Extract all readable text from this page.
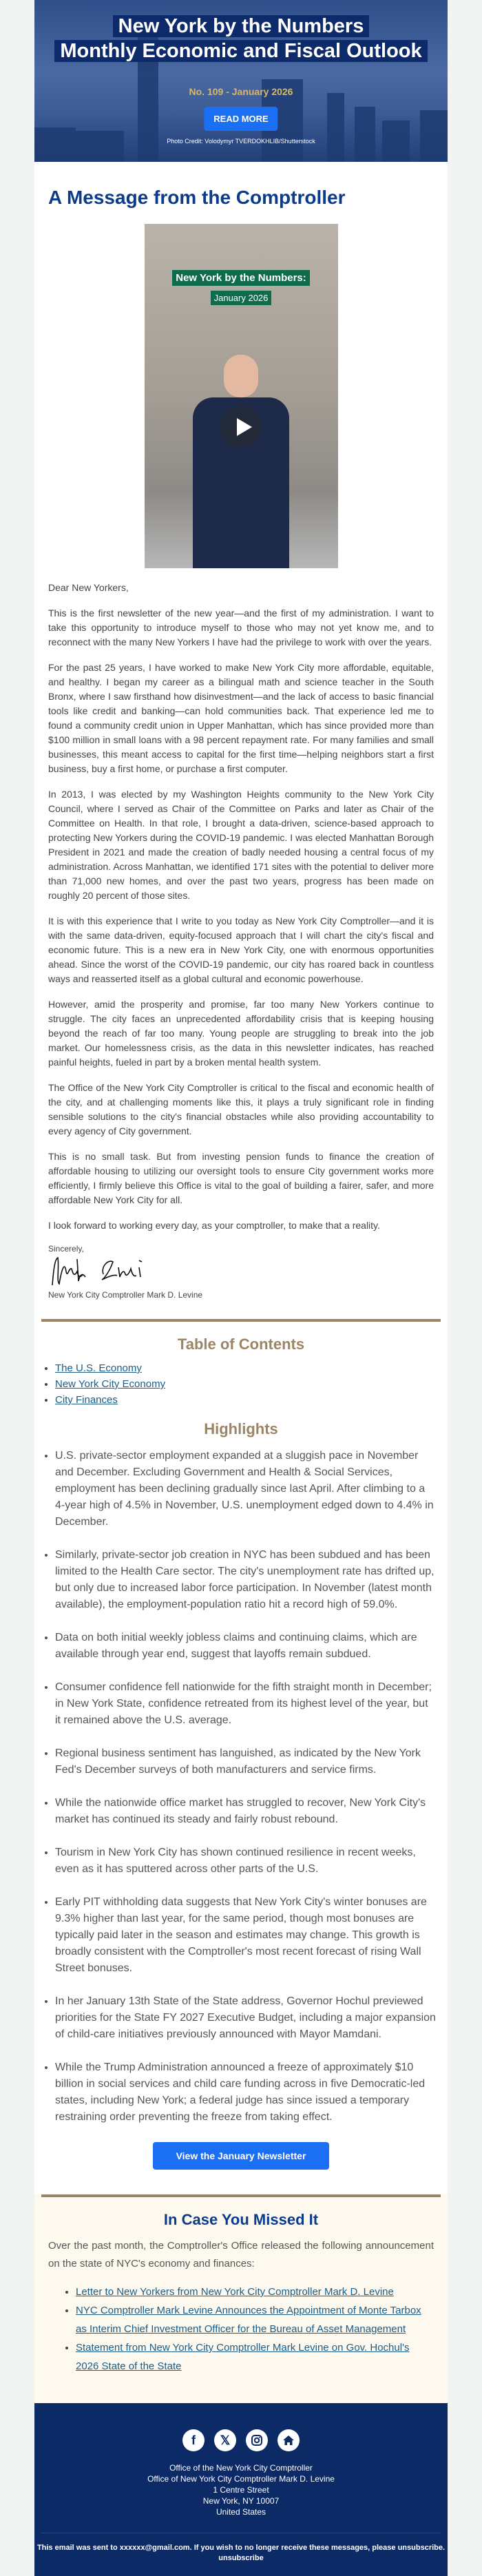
New York by the Numbers
Monthly Economic and Fiscal Outlook
No. 109 - January 2026
READ MORE
Photo Credit: Volodymyr TVERDOKHLIB/Shutterstock
A Message from the Comptroller
New York by the Numbers:
January 2026

Dear New Yorkers,

This is the first newsletter of the new year—and the first of my administration. I want to take this opportunity to introduce myself to those who may not yet know me, and to reconnect with the many New Yorkers I have had the privilege to work with over the years.

For the past 25 years, I have worked to make New York City more affordable, equitable, and healthy. I began my career as a bilingual math and science teacher in the South Bronx, where I saw firsthand how disinvestment—and the lack of access to basic financial tools like credit and banking—can hold communities back. That experience led me to found a community credit union in Upper Manhattan, which has since provided more than $100 million in small loans with a 98 percent repayment rate. For many families and small businesses, this meant access to capital for the first time—helping neighbors start a first business, buy a first home, or purchase a first computer.

In 2013, I was elected by my Washington Heights community to the New York City Council, where I served as Chair of the Committee on Parks and later as Chair of the Committee on Health. In that role, I brought a data-driven, science-based approach to protecting New Yorkers during the COVID-19 pandemic. I was elected Manhattan Borough President in 2021 and made the creation of badly needed housing a central focus of my administration. Across Manhattan, we identified 171 sites with the potential to deliver more than 71,000 new homes, and over the past two years, progress has been made on roughly 20 percent of those sites.

It is with this experience that I write to you today as New York City Comptroller—and it is with the same data-driven, equity-focused approach that I will chart the city's fiscal and economic future. This is a new era in New York City, one with enormous opportunities ahead. Since the worst of the COVID-19 pandemic, our city has roared back in countless ways and reasserted itself as a global cultural and economic powerhouse.

However, amid the prosperity and promise, far too many New Yorkers continue to struggle. The city faces an unprecedented affordability crisis that is keeping housing beyond the reach of far too many. Young people are struggling to break into the job market. Our homelessness crisis, as the data in this newsletter indicates, has reached painful heights, fueled in part by a broken mental health system.

The Office of the New York City Comptroller is critical to the fiscal and economic health of the city, and at challenging moments like this, it plays a truly significant role in finding sensible solutions to the city's financial obstacles while also providing accountability to every agency of City government.

This is no small task. But from investing pension funds to finance the creation of affordable housing to utilizing our oversight tools to ensure City government works more efficiently, I firmly believe this Office is vital to the goal of building a fairer, safer, and more affordable New York City for all.

I look forward to working every day, as your comptroller, to make that a reality.

Sincerely,
New York City Comptroller Mark D. Levine
Table of Contents
• The U.S. Economy
• New York City Economy
• City Finances
Highlights
• U.S. private-sector employment expanded at a sluggish pace in November and December. Excluding Government and Health & Social Services, employment has been declining gradually since last April. After climbing to a 4-year high of 4.5% in November, U.S. unemployment edged down to 4.4% in December.
• Similarly, private-sector job creation in NYC has been subdued and has been limited to the Health Care sector. The city's unemployment rate has drifted up, but only due to increased labor force participation. In November (latest month available), the employment-population ratio hit a record high of 59.0%.
• Data on both initial weekly jobless claims and continuing claims, which are available through year end, suggest that layoffs remain subdued.
• Consumer confidence fell nationwide for the fifth straight month in December; in New York State, confidence retreated from its highest level of the year, but it remained above the U.S. average.
• Regional business sentiment has languished, as indicated by the New York Fed's December surveys of both manufacturers and service firms.
• While the nationwide office market has struggled to recover, New York City's market has continued its steady and fairly robust rebound.
• Tourism in New York City has shown continued resilience in recent weeks, even as it has sputtered across other parts of the U.S.
• Early PIT withholding data suggests that New York City's winter bonuses are 9.3% higher than last year, for the same period, though most bonuses are typically paid later in the season and estimates may change. This growth is broadly consistent with the Comptroller's most recent forecast of rising Wall Street bonuses.
• In her January 13th State of the State address, Governor Hochul previewed priorities for the State FY 2027 Executive Budget, including a major expansion of child-care initiatives previously announced with Mayor Mamdani.
• While the Trump Administration announced a freeze of approximately $10 billion in social services and child care funding across in five Democratic-led states, including New York; a federal judge has since issued a temporary restraining order preventing the freeze from taking effect.
View the January Newsletter
In Case You Missed It

Over the past month, the Comptroller's Office released the following announcement on the state of NYC's economy and finances:

• Letter to New Yorkers from New York City Comptroller Mark D. Levine
• NYC Comptroller Mark Levine Announces the Appointment of Monte Tarbox as Interim Chief Investment Officer for the Bureau of Asset Management
• Statement from New York City Comptroller Mark Levine on Gov. Hochul's 2026 State of the State
f	𝕏
Office of the New York City Comptroller
Office of New York City Comptroller Mark D. Levine
1 Centre Street
New York, NY 10007
United States
This email was sent to xxxxxx@gmail.com. If you wish to no longer receive these messages, please unsubscribe.
unsubscribe
